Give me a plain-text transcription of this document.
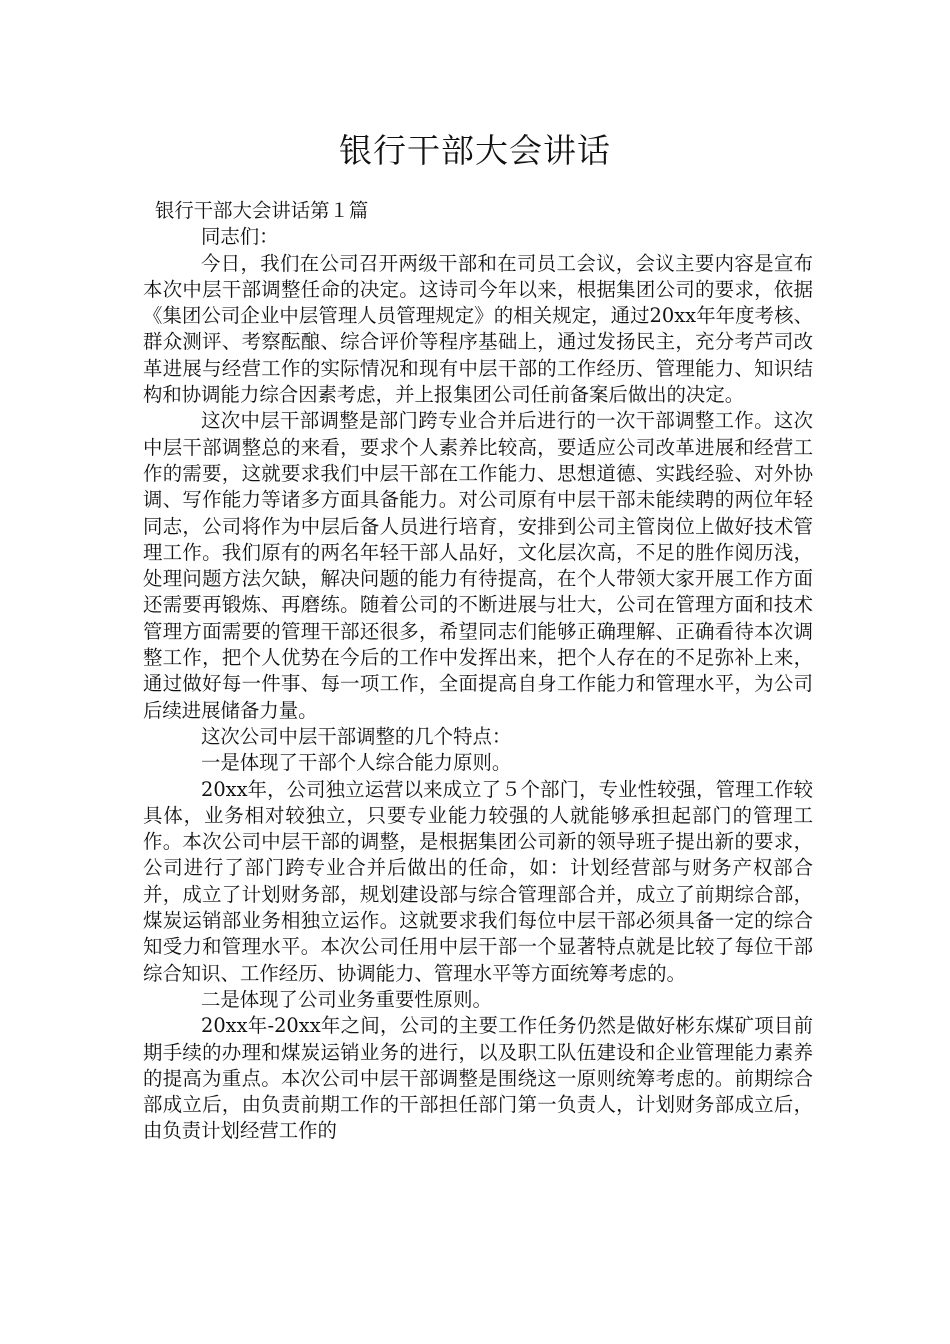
银行干部大会讲话

银行干部大会讲话第１篇

同志们：

今日，我们在公司召开两级干部和在司员工会议，会议主要内容是宣布本次中层干部调整任命的决定。这诗司今年以来，根据集团公司的要求，依据《集团公司企业中层管理人员管理规定》的相关规定，通过20xx年年度考核、群众测评、考察酝酿、综合评价等程序基础上，通过发扬民主，充分考芦司改革进展与经营工作的实际情况和现有中层干部的工作经历、管理能力、知识结构和协调能力综合因素考虑，并上报集团公司任前备案后做出的决定。

这次中层干部调整是部门跨专业合并后进行的一次干部调整工作。这次中层干部调整总的来看，要求个人素养比较高，要适应公司改革进展和经营工作的需要，这就要求我们中层干部在工作能力、思想道德、实践经验、对外协调、写作能力等诸多方面具备能力。对公司原有中层干部未能续聘的两位年轻同志，公司将作为中层后备人员进行培育，安排到公司主管岗位上做好技术管理工作。我们原有的两名年轻干部人品好，文化层次高，不足的胜作阅历浅，处理问题方法欠缺，解决问题的能力有待提高，在个人带领大家开展工作方面还需要再锻炼、再磨练。随着公司的不断进展与壮大，公司在管理方面和技术管理方面需要的管理干部还很多，希望同志们能够正确理解、正确看待本次调整工作，把个人优势在今后的工作中发挥出来，把个人存在的不足弥补上来，通过做好每一件事、每一项工作，全面提高自身工作能力和管理水平，为公司后续进展储备力量。

这次公司中层干部调整的几个特点：

一是体现了干部个人综合能力原则。

20xx年，公司独立运营以来成立了５个部门，专业性较强，管理工作较具体，业务相对较独立，只要专业能力较强的人就能够承担起部门的管理工作。本次公司中层干部的调整，是根据集团公司新的领导班子提出新的要求，公司进行了部门跨专业合并后做出的任命，如：计划经营部与财务产权部合并，成立了计划财务部，规划建设部与综合管理部合并，成立了前期综合部，煤炭运销部业务相独立运作。这就要求我们每位中层干部必须具备一定的综合知受力和管理水平。本次公司任用中层干部一个显著特点就是比较了每位干部综合知识、工作经历、协调能力、管理水平等方面统筹考虑的。

二是体现了公司业务重要性原则。

20xx年-20xx年之间，公司的主要工作任务仍然是做好彬东煤矿项目前期手续的办理和煤炭运销业务的进行，以及职工队伍建设和企业管理能力素养的提高为重点。本次公司中层干部调整是围绕这一原则统筹考虑的。前期综合部成立后，由负责前期工作的干部担任部门第一负责人，计划财务部成立后，由负责计划经营工作的
